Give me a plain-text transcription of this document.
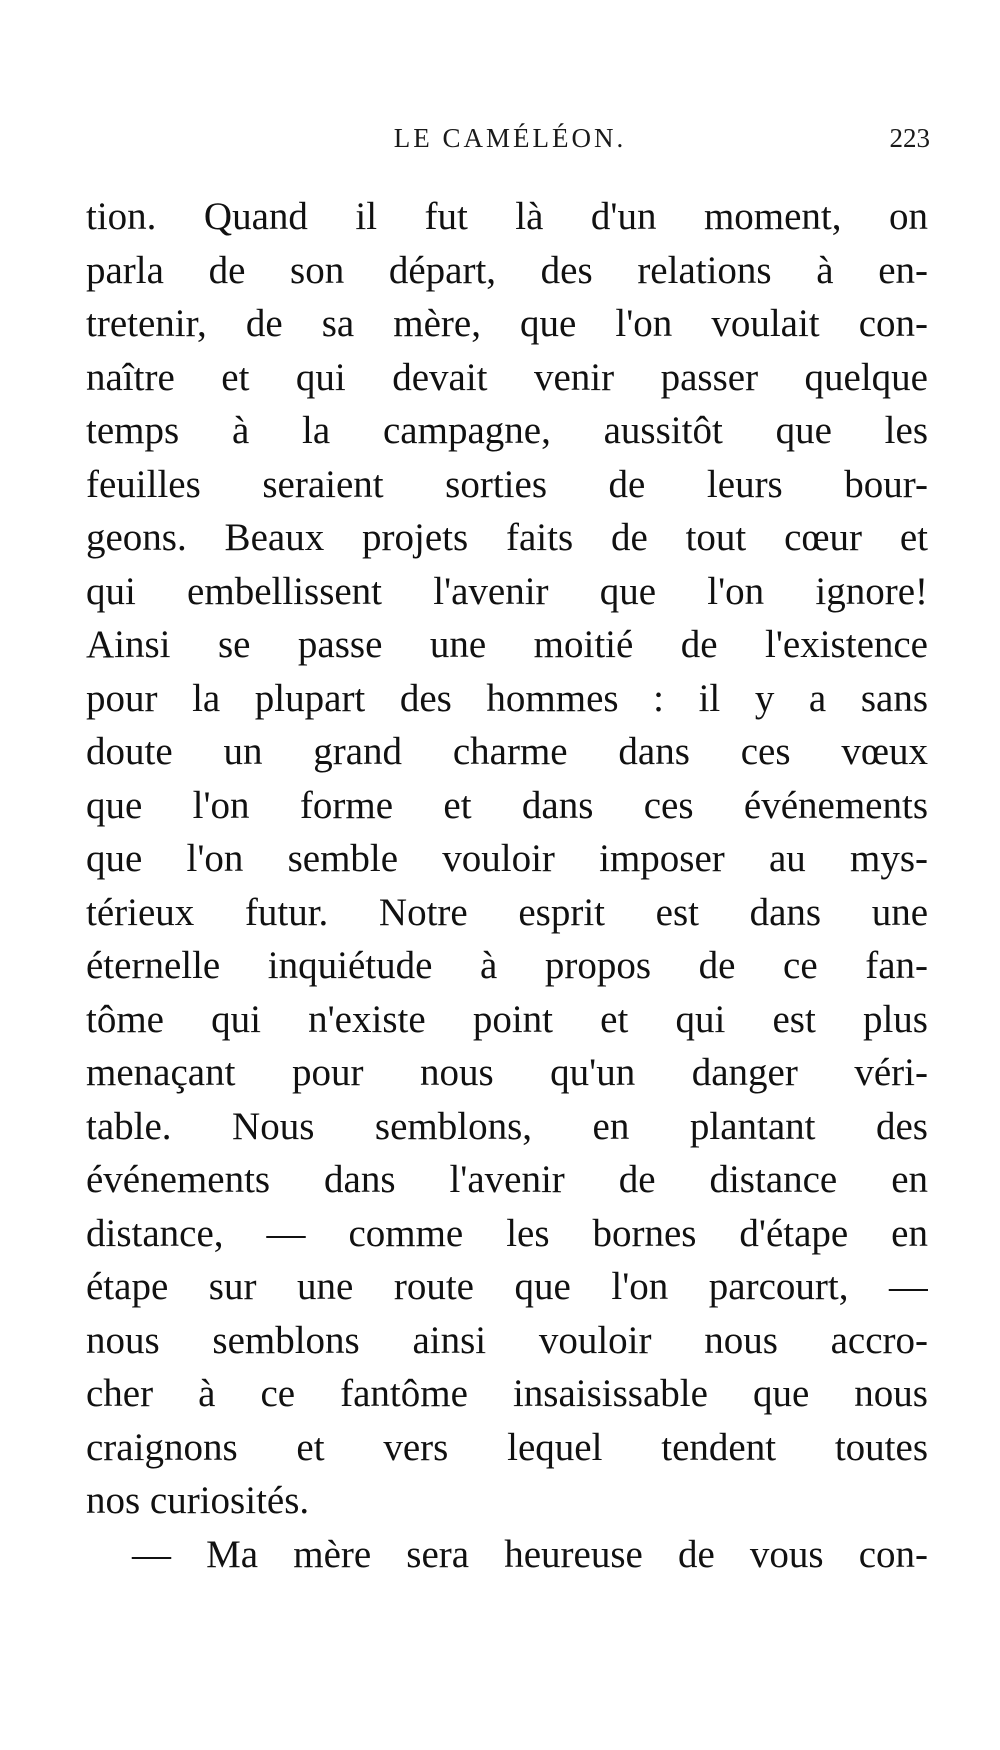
LE CAMÉLÉON.	223
tion. Quand il fut là d'un moment, on
parla de son départ, des relations à en-
tretenir, de sa mère, que l'on voulait con-
naître et qui devait venir passer quelque
temps à la campagne, aussitôt que les
feuilles seraient sorties de leurs bour-
geons. Beaux projets faits de tout cœur et
qui embellissent l'avenir que l'on ignore!
Ainsi se passe une moitié de l'existence
pour la plupart des hommes : il y a sans
doute un grand charme dans ces vœux
que l'on forme et dans ces événements
que l'on semble vouloir imposer au mys-
térieux futur. Notre esprit est dans une
éternelle inquiétude à propos de ce fan-
tôme qui n'existe point et qui est plus
menaçant pour nous qu'un danger véri-
table. Nous semblons, en plantant des
événements dans l'avenir de distance en
distance, — comme les bornes d'étape en
étape sur une route que l'on parcourt, —
nous semblons ainsi vouloir nous accro-
cher à ce fantôme insaisissable que nous
craignons et vers lequel tendent toutes
nos curiosités.
— Ma mère sera heureuse de vous con-
